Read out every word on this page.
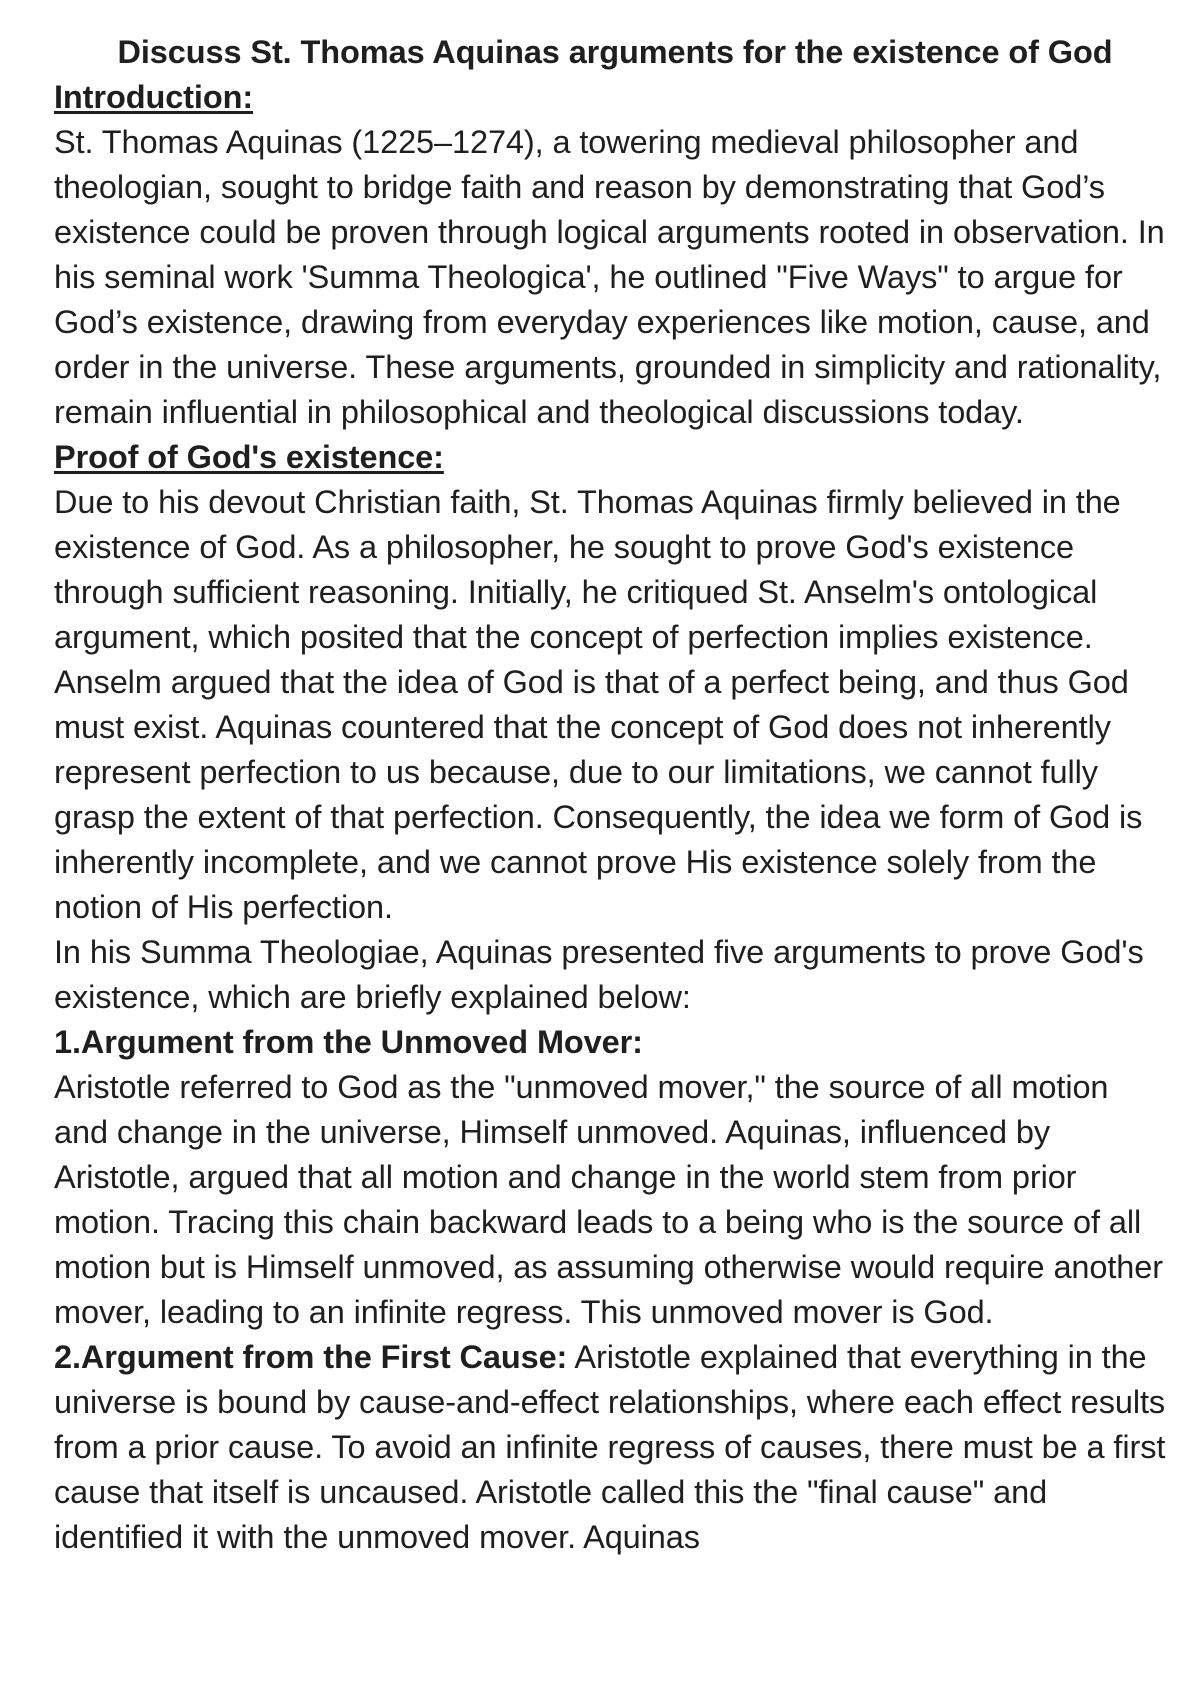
Discuss St. Thomas Aquinas arguments for the existence of God

Introduction:

St. Thomas Aquinas (1225–1274), a towering medieval philosopher and theologian, sought to bridge faith and reason by demonstrating that God’s existence could be proven through logical arguments rooted in observation. In his seminal work 'Summa Theologica', he outlined "Five Ways" to argue for God’s existence, drawing from everyday experiences like motion, cause, and order in the universe. These arguments, grounded in simplicity and rationality, remain influential in philosophical and theological discussions today.

Proof of God's existence:

Due to his devout Christian faith, St. Thomas Aquinas firmly believed in the existence of God. As a philosopher, he sought to prove God's existence through sufficient reasoning. Initially, he critiqued St. Anselm's ontological argument, which posited that the concept of perfection implies existence. Anselm argued that the idea of God is that of a perfect being, and thus God must exist. Aquinas countered that the concept of God does not inherently represent perfection to us because, due to our limitations, we cannot fully grasp the extent of that perfection. Consequently, the idea we form of God is inherently incomplete, and we cannot prove His existence solely from the notion of His perfection.

In his Summa Theologiae, Aquinas presented five arguments to prove God's existence, which are briefly explained below:

1.Argument from the Unmoved Mover:

Aristotle referred to God as the "unmoved mover," the source of all motion and change in the universe, Himself unmoved. Aquinas, influenced by Aristotle, argued that all motion and change in the world stem from prior motion. Tracing this chain backward leads to a being who is the source of all motion but is Himself unmoved, as assuming otherwise would require another mover, leading to an infinite regress. This unmoved mover is God.

2.Argument from the First Cause: Aristotle explained that everything in the universe is bound by cause-and-effect relationships, where each effect results from a prior cause. To avoid an infinite regress of causes, there must be a first cause that itself is uncaused. Aristotle called this the "final cause" and identified it with the unmoved mover. Aquinas
